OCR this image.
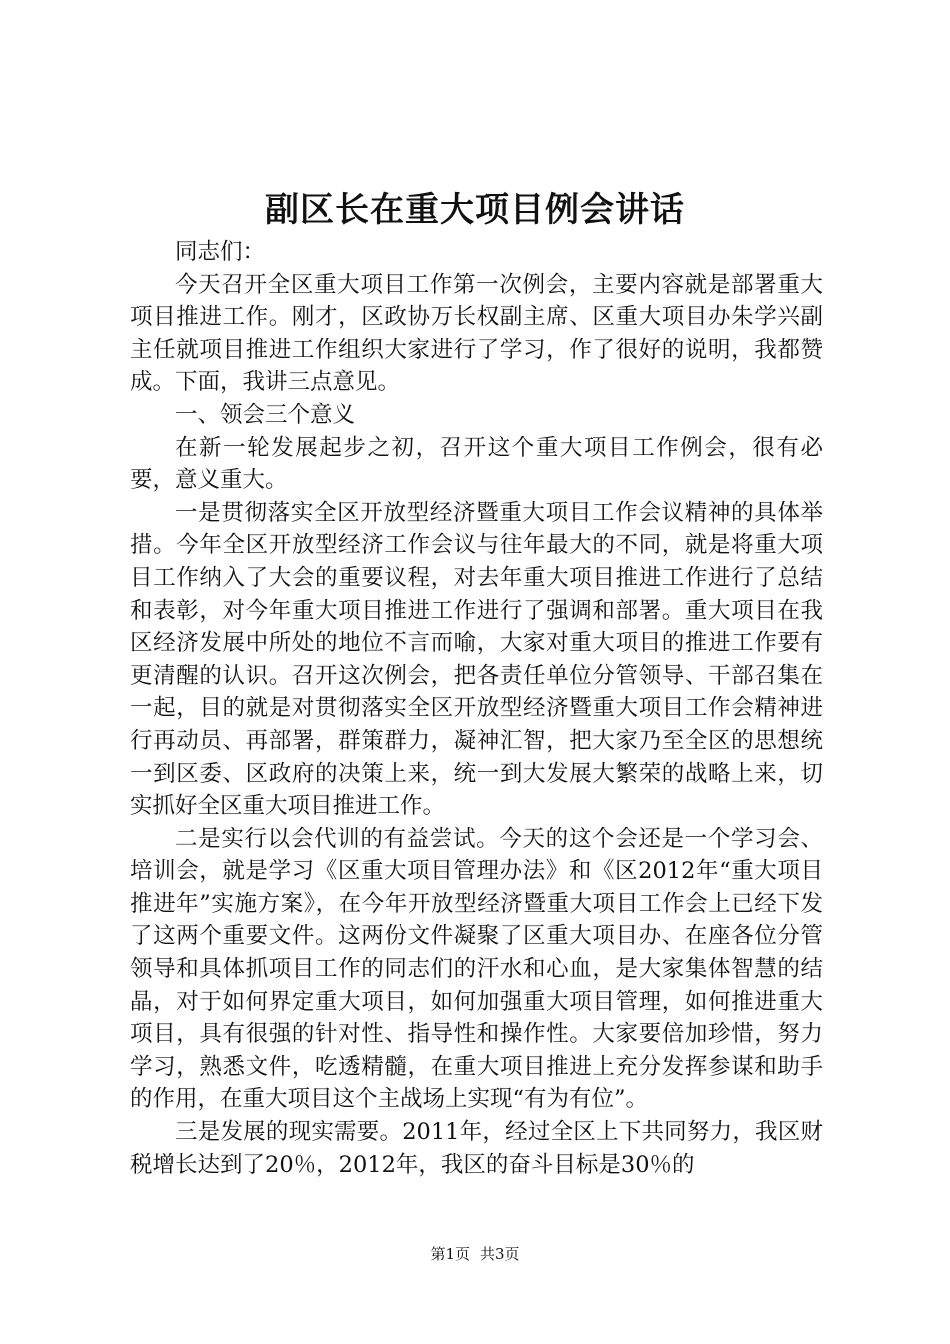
副区长在重大项目例会讲话

同志们：

今天召开全区重大项目工作第一次例会，主要内容就是部署重大项目推进工作。刚才，区政协万长权副主席、区重大项目办朱学兴副主任就项目推进工作组织大家进行了学习，作了很好的说明，我都赞成。下面，我讲三点意见。

一、领会三个意义

在新一轮发展起步之初，召开这个重大项目工作例会，很有必要，意义重大。

一是贯彻落实全区开放型经济暨重大项目工作会议精神的具体举措。今年全区开放型经济工作会议与往年最大的不同，就是将重大项目工作纳入了大会的重要议程，对去年重大项目推进工作进行了总结和表彰，对今年重大项目推进工作进行了强调和部署。重大项目在我区经济发展中所处的地位不言而喻，大家对重大项目的推进工作要有更清醒的认识。召开这次例会，把各责任单位分管领导、干部召集在一起，目的就是对贯彻落实全区开放型经济暨重大项目工作会精神进行再动员、再部署，群策群力，凝神汇智，把大家乃至全区的思想统一到区委、区政府的决策上来，统一到大发展大繁荣的战略上来，切实抓好全区重大项目推进工作。

二是实行以会代训的有益尝试。今天的这个会还是一个学习会、培训会，就是学习《区重大项目管理办法》和《区2012年“重大项目推进年”实施方案》，在今年开放型经济暨重大项目工作会上已经下发了这两个重要文件。这两份文件凝聚了区重大项目办、在座各位分管领导和具体抓项目工作的同志们的汗水和心血，是大家集体智慧的结晶，对于如何界定重大项目，如何加强重大项目管理，如何推进重大项目，具有很强的针对性、指导性和操作性。大家要倍加珍惜，努力学习，熟悉文件，吃透精髓，在重大项目推进上充分发挥参谋和助手的作用，在重大项目这个主战场上实现“有为有位”。

三是发展的现实需要。2011年，经过全区上下共同努力，我区财税增长达到了20％，2012年，我区的奋斗目标是30％的

第1页 共3页
